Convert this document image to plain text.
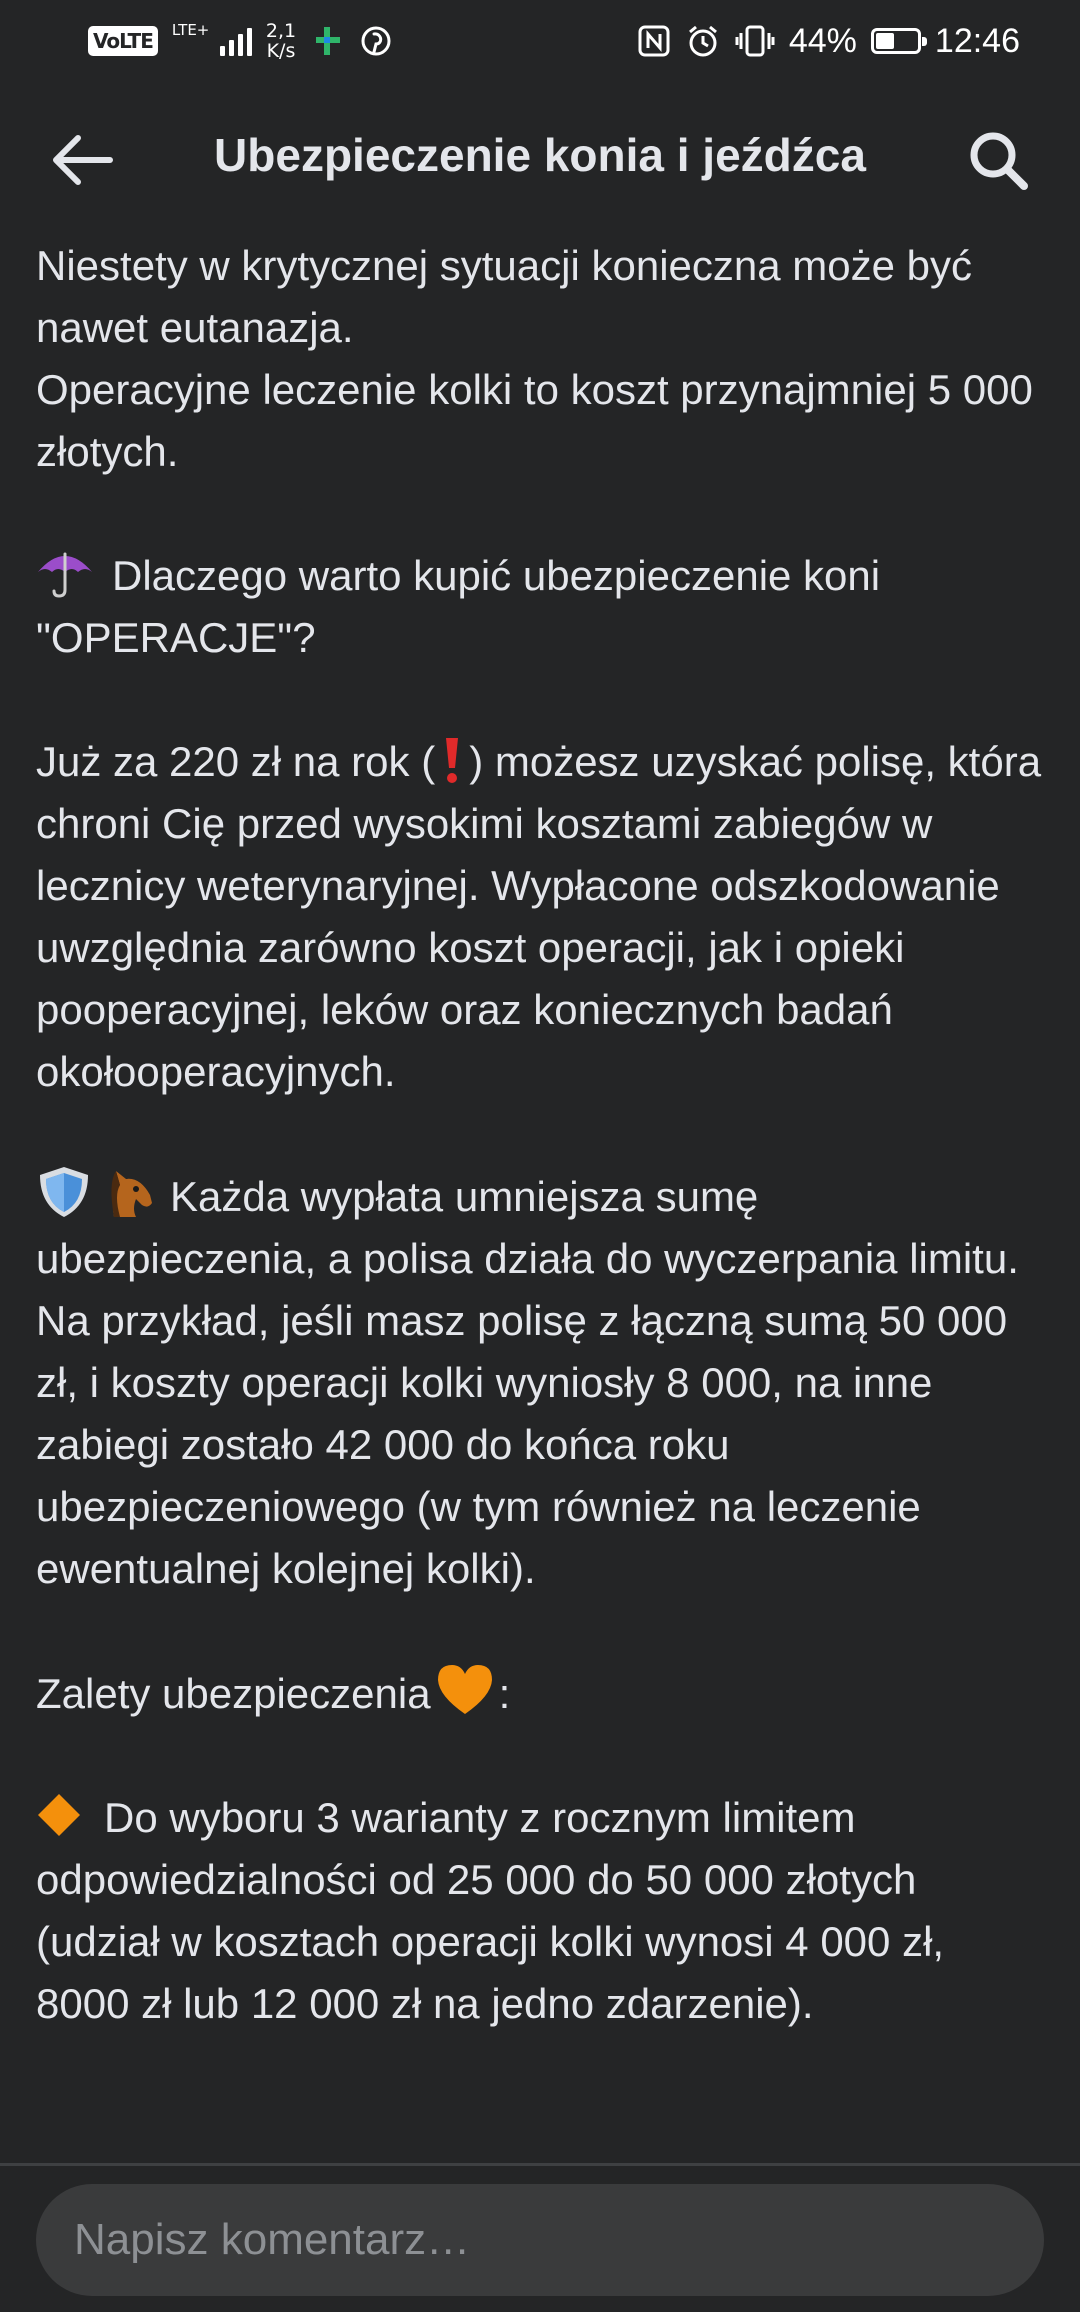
VoLTE	LTE+	2,1
K/s	44% 12:46
Ubezpieczenie konia i jeźdźca
Niestety w krytycznej sytuacji konieczna może być nawet eutanazja.
Operacyjne leczenie kolki to koszt przynajmniej 5 000 złotych.
Dlaczego warto kupić ubezpieczenie koni "OPERACJE"?
Już za 220 zł na rok ( ) możesz uzyskać polisę, która chroni Cię przed wysokimi kosztami zabiegów w lecznicy weterynaryjnej. Wypłacone odszkodowanie uwzględnia zarówno koszt operacji, jak i opieki pooperacyjnej, leków oraz koniecznych badań okołooperacyjnych.
Każda wypłata umniejsza sumę ubezpieczenia, a polisa działa do wyczerpania limitu. Na przykład, jeśli masz polisę z łączną sumą 50 000 zł, i koszty operacji kolki wyniosły 8 000, na inne zabiegi zostało 42 000 do końca roku ubezpieczeniowego (w tym również na leczenie ewentualnej kolejnej kolki).
Zalety ubezpieczenia :
Do wyboru 3 warianty z rocznym limitem odpowiedzialności od 25 000 do 50 000 złotych (udział w kosztach operacji kolki wynosi 4 000 zł, 8000 zł lub 12 000 zł na jedno zdarzenie).
Napisz komentarz…
